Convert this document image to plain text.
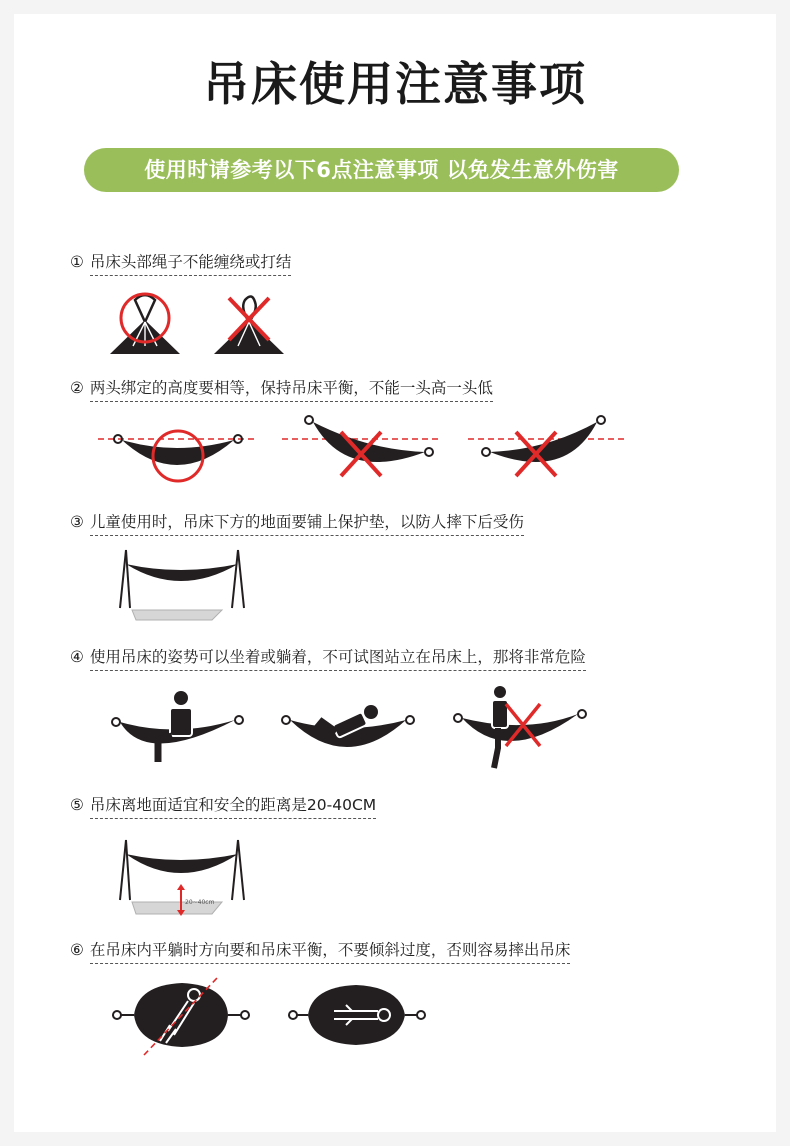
吊床使用注意事项
使用时请参考以下6点注意事项 以免发生意外伤害
① 吊床头部绳子不能缠绕或打结
② 两头绑定的高度要相等，保持吊床平衡，不能一头高一头低
③ 儿童使用时，吊床下方的地面要铺上保护垫，以防人摔下后受伤
④ 使用吊床的姿势可以坐着或躺着，不可试图站立在吊床上，那将非常危险
⑤ 吊床离地面适宜和安全的距离是20-40CM
20~40cm
⑥ 在吊床内平躺时方向要和吊床平衡，不要倾斜过度，否则容易摔出吊床
